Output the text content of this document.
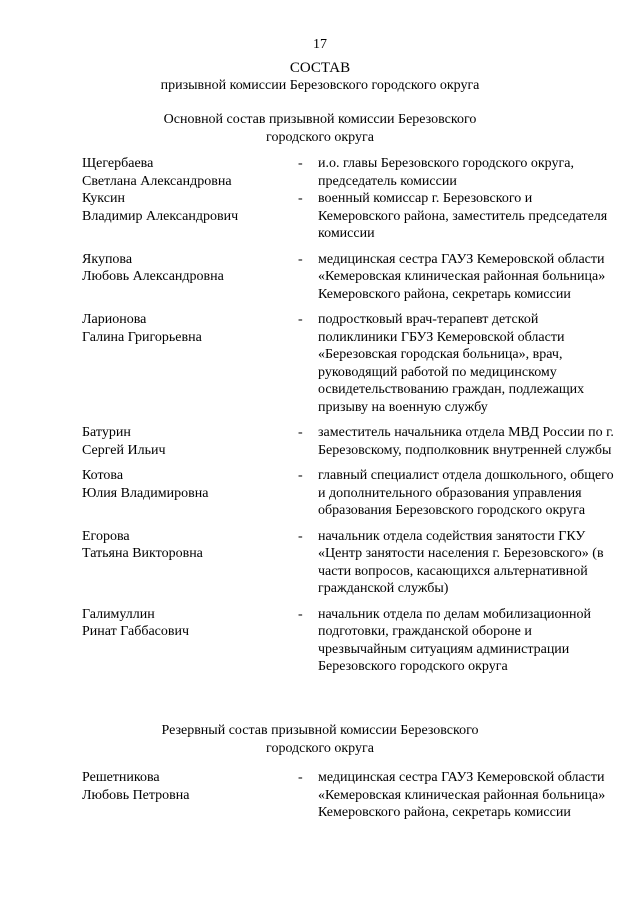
17
СОСТАВ
призывной комиссии Березовского городского округа
Основной состав призывной комиссии Березовского
городского округа
Щегербаева
Светлана Александровна
-	и.о. главы Березовского городского округа, председатель комиссии
Куксин
Владимир Александрович
-	военный комиссар г. Березовского и Кемеровского района, заместитель председателя комиссии
Якупова
Любовь Александровна
-	медицинская сестра ГАУЗ Кемеровской области «Кемеровская клиническая районная больница» Кемеровского района, секретарь комиссии
Ларионова
Галина Григорьевна
-	подростковый врач-терапевт детской поликлиники ГБУЗ Кемеровской области «Березовская городская больница», врач, руководящий работой по медицинскому освидетельствованию граждан, подлежащих призыву на военную службу
Батурин
Сергей Ильич
-	заместитель начальника отдела МВД России по г. Березовскому, подполковник внутренней службы
Котова
Юлия Владимировна
-	главный специалист отдела дошкольного, общего и дополнительного образования управления образования Березовского городского округа
Егорова
Татьяна Викторовна
-	начальник отдела содействия занятости ГКУ «Центр занятости населения г. Березовского» (в части вопросов, касающихся альтернативной гражданской службы)
Галимуллин
Ринат Габбасович
-	начальник отдела по делам мобилизационной подготовки, гражданской обороне и чрезвычайным ситуациям администрации Березовского городского округа
Резервный состав призывной комиссии Березовского
городского округа
Решетникова
Любовь Петровна
-	медицинская сестра ГАУЗ Кемеровской области «Кемеровская клиническая районная больница» Кемеровского района, секретарь комиссии
